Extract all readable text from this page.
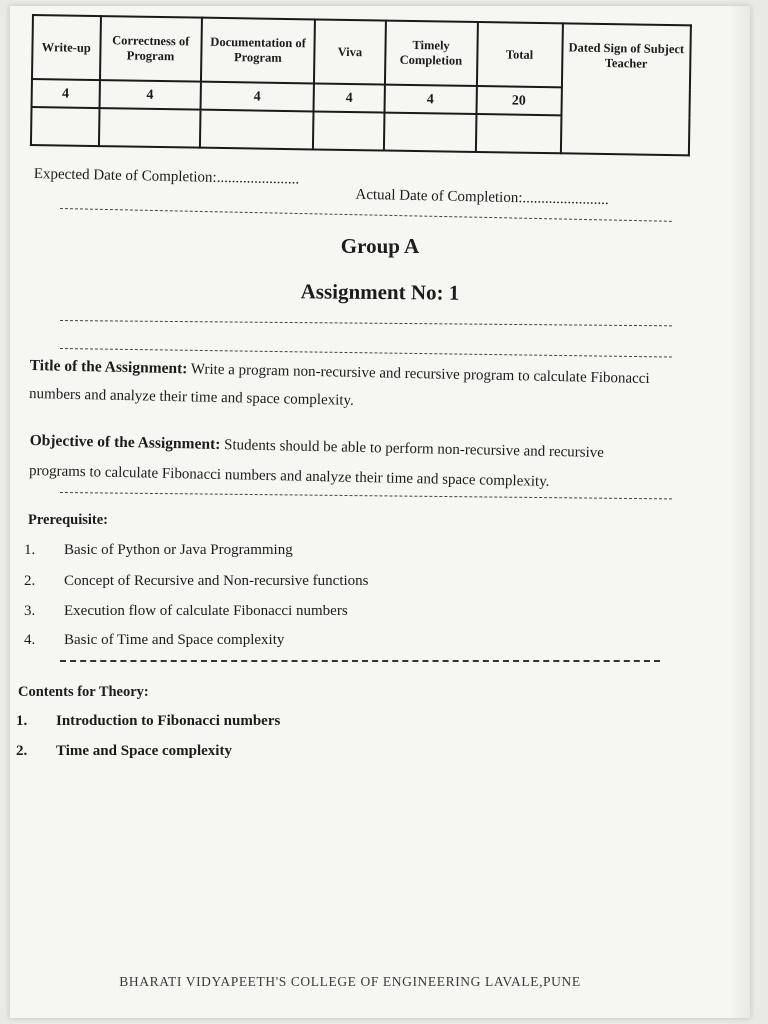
Write-up	Correctness of Program	Documentation of Program	Viva	Timely Completion	Total	Dated Sign of Subject Teacher
4	4	4	4	4	20	

Expected Date of Completion:......................
Actual Date of Completion:.......................
Group A
Assignment No: 1
Title of the Assignment: Write a program non-recursive and recursive program to calculate Fibonacci numbers and analyze their time and space complexity.
Objective of the Assignment: Students should be able to perform non-recursive and recursive programs to calculate Fibonacci numbers and analyze their time and space complexity.
Prerequisite:
1.	Basic of Python or Java Programming
2.	Concept of Recursive and Non-recursive functions
3.	Execution flow of calculate Fibonacci numbers
4.	Basic of Time and Space complexity
Contents for Theory:
1.	Introduction to Fibonacci numbers
2.	Time and Space complexity
BHARATI VIDYAPEETH'S COLLEGE OF ENGINEERING LAVALE,PUNE
